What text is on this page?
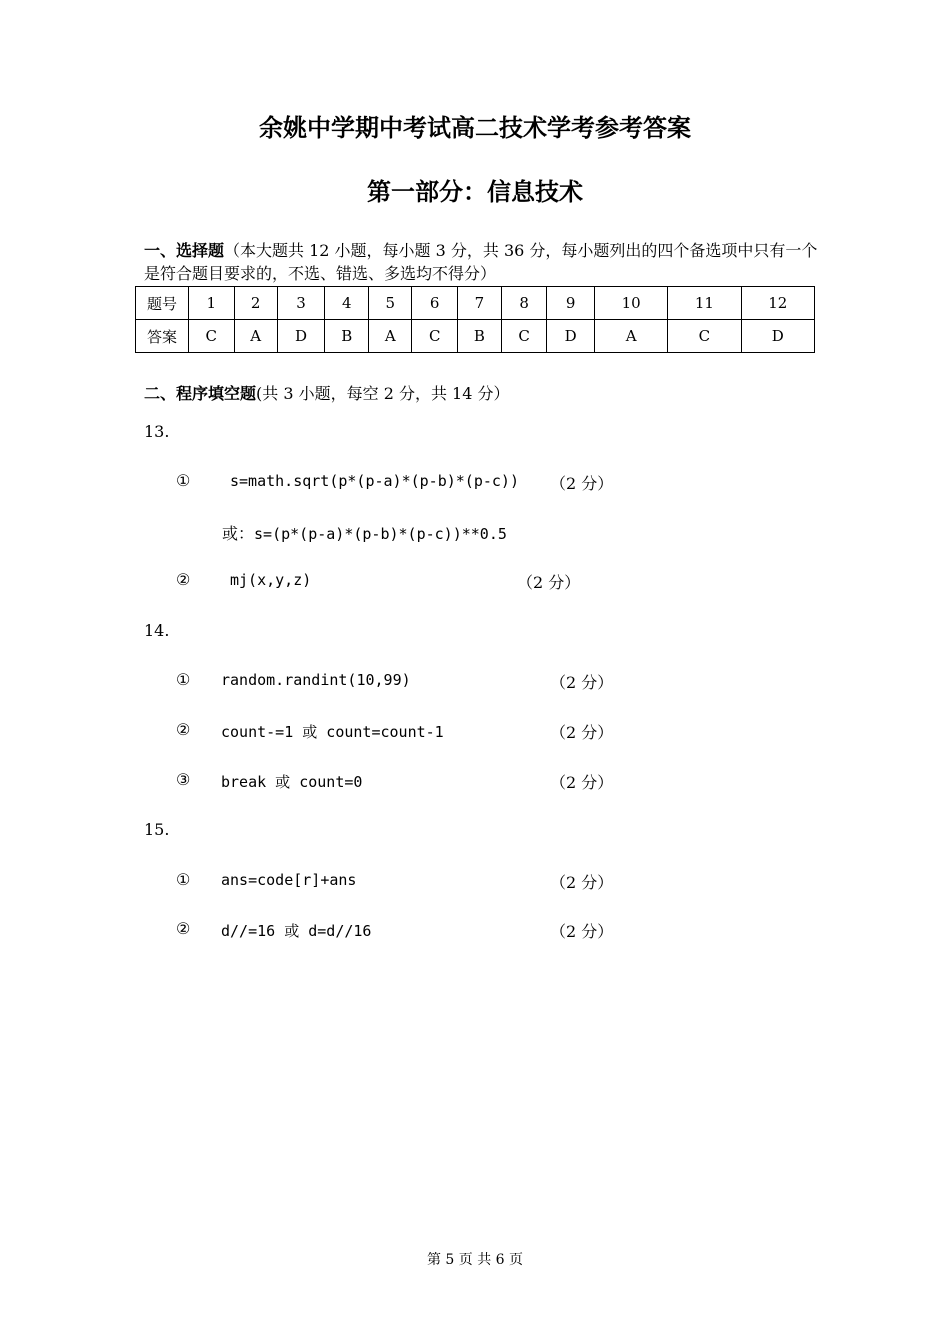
余姚中学期中考试高二技术学考参考答案
第一部分：信息技术
一、选择题（本大题共 12 小题，每小题 3 分，共 36 分，每小题列出的四个备选项中只有一个是符合题目要求的，不选、错选、多选均不得分）
题号	1	2	3	4	5	6	7	8	9	10	11	12
答案	C	A	D	B	A	C	B	C	D	A	C	D
二、程序填空题(共 3 小题，每空 2 分，共 14 分）
13.
①	s=math.sqrt(p*(p-a)*(p-b)*(p-c)) （2 分）
或：s=(p*(p-a)*(p-b)*(p-c))**0.5
②	mj(x,y,z)	（2 分）
14.
① random.randint(10,99)	（2 分）
② count-=1 或 count=count-1	（2 分）
③ break 或 count=0	（2 分）
15.
① ans=code[r]+ans	（2 分）
② d//=16 或 d=d//16	（2 分）
第 5 页 共 6 页
